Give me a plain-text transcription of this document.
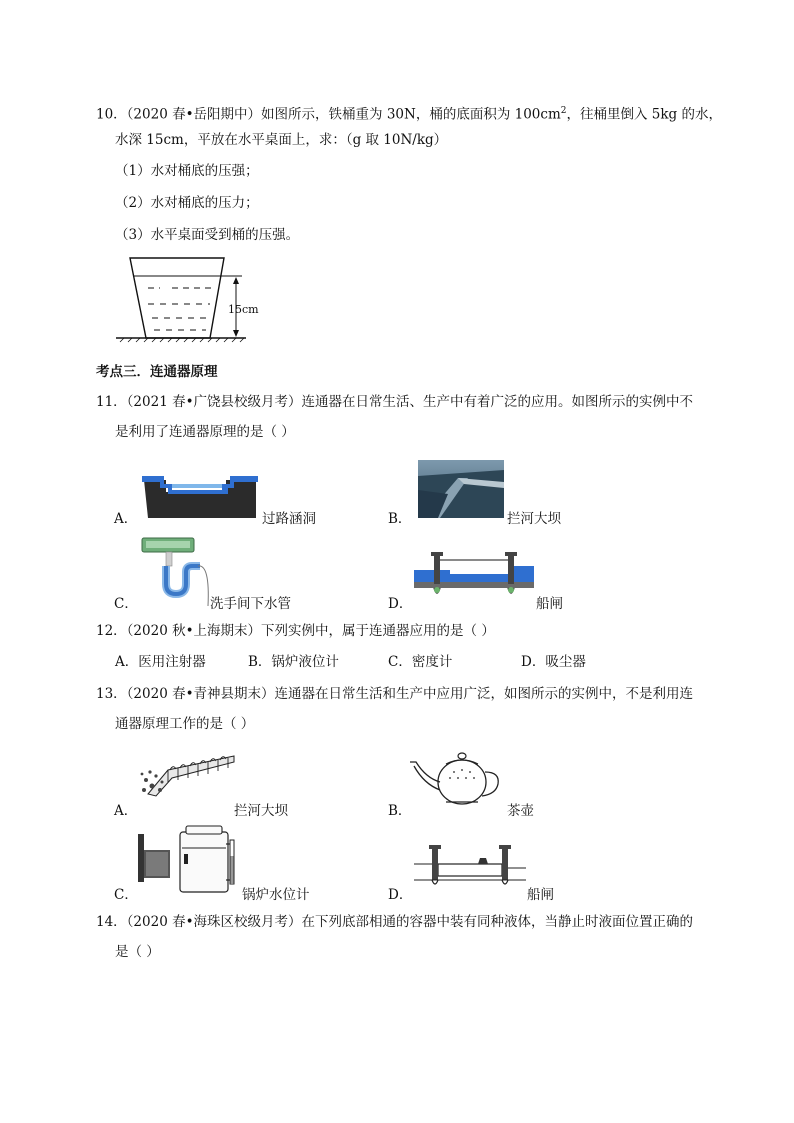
10．（2020 春•岳阳期中）如图所示，铁桶重为 30N，桶的底面积为 $100cm^2$，往桶里倒入 5kg 的水，
水深 15cm，平放在水平桌面上，求：（g 取 10N/kg）
（1）水对桶底的压强；
（2）水对桶底的压力；
（3）水平桌面受到桶的压强。
15cm
考点三．连通器原理
11．（2021 春•广饶县校级月考）连通器在日常生活、生产中有着广泛的应用。如图所示的实例中不
是利用了连通器原理的是（ ）
A．	过路涵洞	B．	拦河大坝
C．	洗手间下水管	D．	船闸
12．（2020 秋•上海期末）下列实例中，属于连通器应用的是（ ）
A．医用注射器	B．锅炉液位计	C．密度计	D．吸尘器
13．（2020 春•青神县期末）连通器在日常生活和生产中应用广泛，如图所示的实例中，不是利用连
通器原理工作的是（ ）
A．	拦河大坝	B．	茶壶
C．	锅炉水位计	D．	船闸
14．（2020 春•海珠区校级月考）在下列底部相通的容器中装有同种液体，当静止时液面位置正确的
是（ ）
